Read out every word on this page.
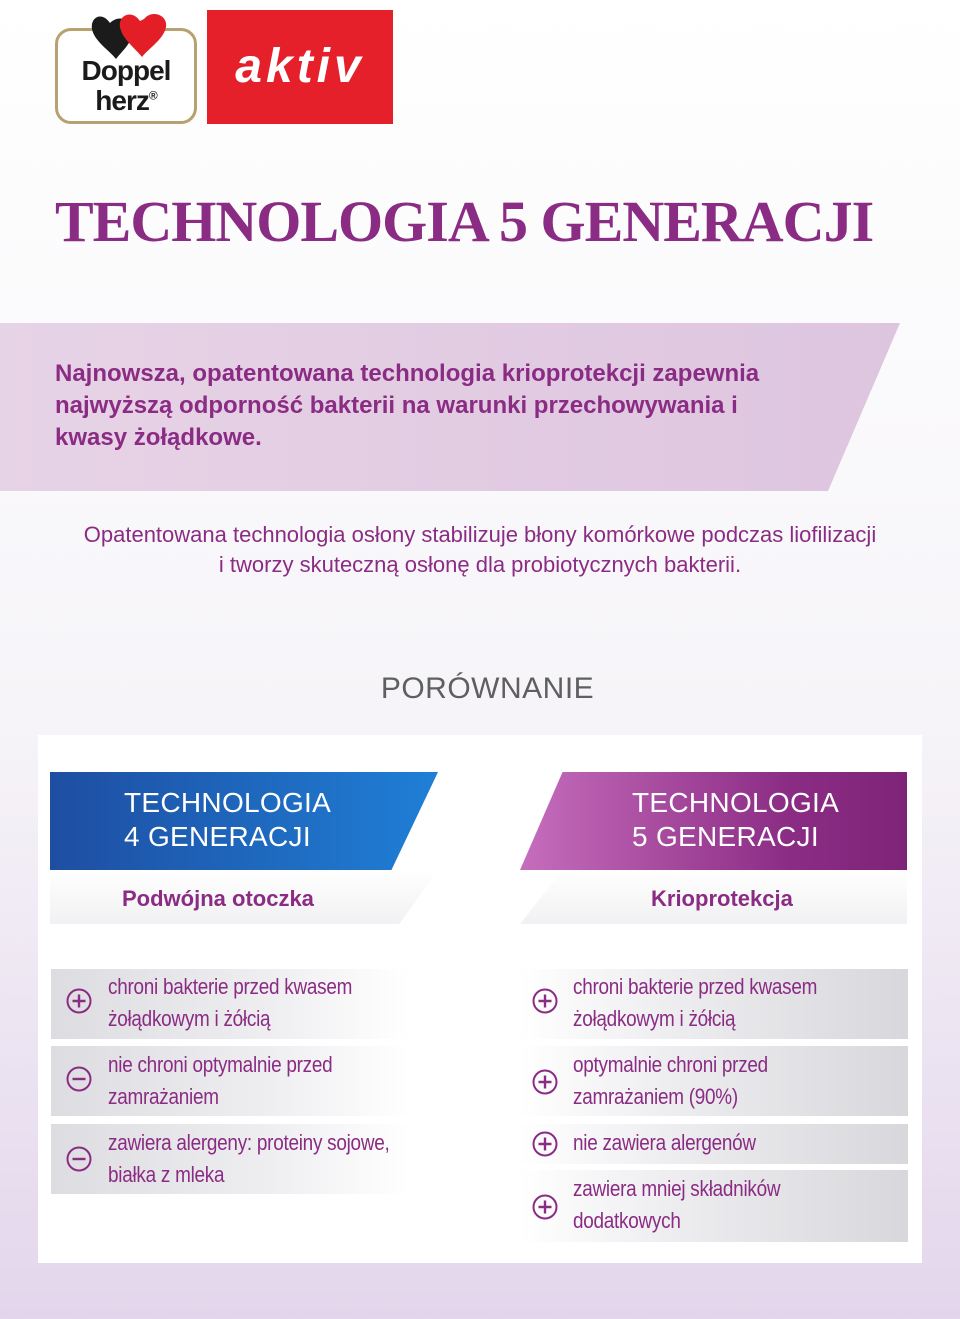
Doppel
herz®
aktiv
TECHNOLOGIA 5 GENERACJI
Najnowsza, opatentowana technologia krioprotekcji zapewnia najwyższą odporność bakterii na warunki przechowywania i kwasy żołądkowe.
Opatentowana technologia osłony stabilizuje błony komórkowe podczas liofilizacji i tworzy skuteczną osłonę dla probiotycznych bakterii.
PORÓWNANIE
TECHNOLOGIA
4 GENERACJI
TECHNOLOGIA
5 GENERACJI
Podwójna otoczka	Krioprotekcja
chroni bakterie przed kwasem
żołądkowym i żółcią
nie chroni optymalnie przed
zamrażaniem
zawiera alergeny: proteiny sojowe,
białka z mleka
chroni bakterie przed kwasem
żołądkowym i żółcią
optymalnie chroni przed
zamrażaniem (90%)
nie zawiera alergenów
zawiera mniej składników
dodatkowych
